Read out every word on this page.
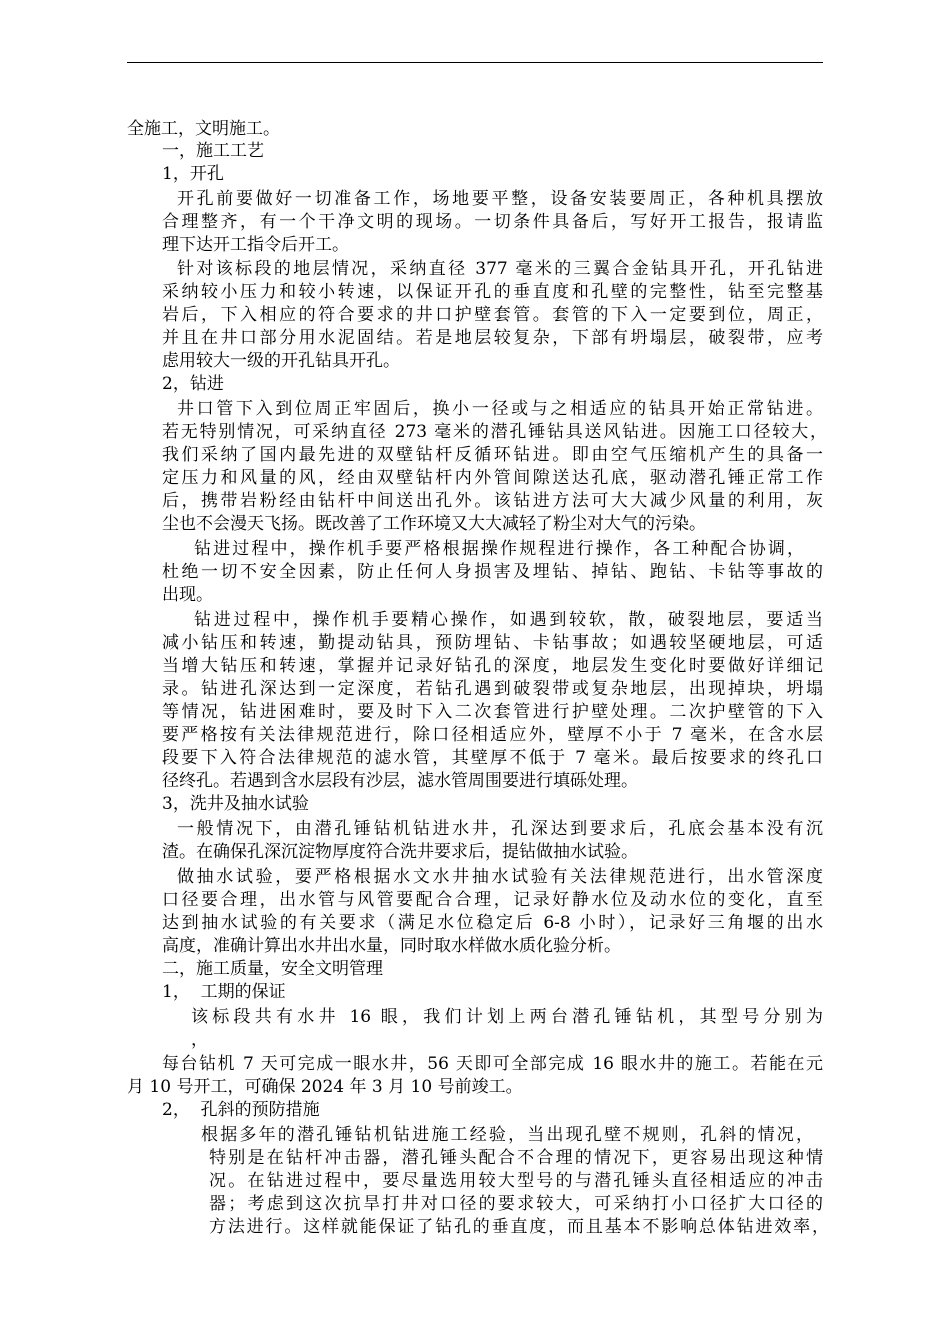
全施工，文明施工。
一，施工工艺
1，开孔
开孔前要做好一切准备工作，场地要平整，设备安装要周正，各种机具摆放
合理整齐，有一个干净文明的现场。一切条件具备后，写好开工报告，报请监
理下达开工指令后开工。
针对该标段的地层情况，采纳直径 377 毫米的三翼合金钻具开孔，开孔钻进
采纳较小压力和较小转速，以保证开孔的垂直度和孔壁的完整性，钻至完整基
岩后，下入相应的符合要求的井口护壁套管。套管的下入一定要到位，周正，
并且在井口部分用水泥固结。若是地层较复杂，下部有坍塌层，破裂带，应考
虑用较大一级的开孔钻具开孔。
2，钻进
井口管下入到位周正牢固后，换小一径或与之相适应的钻具开始正常钻进。
若无特别情况，可采纳直径 273 毫米的潜孔锤钻具送风钻进。因施工口径较大，
我们采纳了国内最先进的双壁钻杆反循环钻进。即由空气压缩机产生的具备一
定压力和风量的风，经由双壁钻杆内外管间隙送达孔底，驱动潜孔锤正常工作
后，携带岩粉经由钻杆中间送出孔外。该钻进方法可大大减少风量的利用，灰
尘也不会漫天飞扬。既改善了工作环境又大大减轻了粉尘对大气的污染。
钻进过程中，操作机手要严格根据操作规程进行操作，各工种配合协调，
杜绝一切不安全因素，防止任何人身损害及埋钻、掉钻、跑钻、卡钻等事故的
出现。
钻进过程中，操作机手要精心操作，如遇到较软，散，破裂地层，要适当
减小钻压和转速，勤提动钻具，预防埋钻、卡钻事故；如遇较坚硬地层，可适
当增大钻压和转速，掌握并记录好钻孔的深度，地层发生变化时要做好详细记
录。钻进孔深达到一定深度，若钻孔遇到破裂带或复杂地层，出现掉块，坍塌
等情况，钻进困难时，要及时下入二次套管进行护壁处理。二次护壁管的下入
要严格按有关法律规范进行，除口径相适应外，壁厚不小于 7 毫米，在含水层
段要下入符合法律规范的滤水管，其壁厚不低于 7 毫米。最后按要求的终孔口
径终孔。若遇到含水层段有沙层，滤水管周围要进行填砾处理。
3，洗井及抽水试验
一般情况下，由潜孔锤钻机钻进水井，孔深达到要求后，孔底会基本没有沉
渣。在确保孔深沉淀物厚度符合洗井要求后，提钻做抽水试验。
做抽水试验，要严格根据水文水井抽水试验有关法律规范进行，出水管深度
口径要合理，出水管与风管要配合合理，记录好静水位及动水位的变化，直至
达到抽水试验的有关要求（满足水位稳定后 6-8 小时），记录好三角堰的出水
高度，准确计算出水井出水量，同时取水样做水质化验分析。
二，施工质量，安全文明管理
1，  工期的保证
该标段共有水井 16 眼，我们计划上两台潜孔锤钻机，其型号分别为
，
每台钻机 7 天可完成一眼水井，56 天即可全部完成 16 眼水井的施工。若能在元
月 10 号开工，可确保 2024 年 3 月 10 号前竣工。
2，  孔斜的预防措施
根据多年的潜孔锤钻机钻进施工经验，当出现孔壁不规则，孔斜的情况，
特别是在钻杆冲击器，潜孔锤头配合不合理的情况下，更容易出现这种情
况。在钻进过程中，要尽量选用较大型号的与潜孔锤头直径相适应的冲击
器；考虑到这次抗旱打井对口径的要求较大，可采纳打小口径扩大口径的
方法进行。这样就能保证了钻孔的垂直度，而且基本不影响总体钻进效率，
